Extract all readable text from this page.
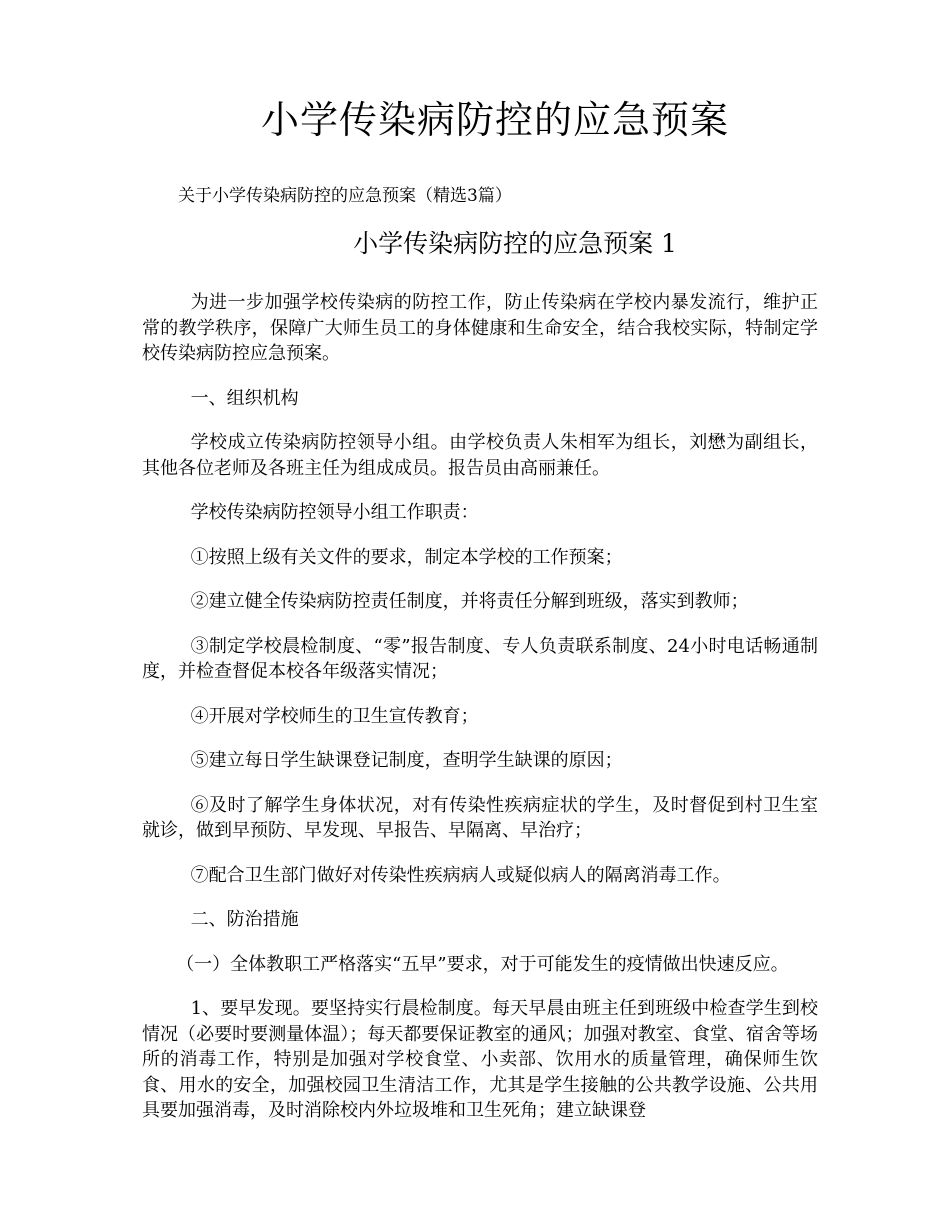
小学传染病防控的应急预案

关于小学传染病防控的应急预案（精选3篇）

小学传染病防控的应急预案 1

为进一步加强学校传染病的防控工作，防止传染病在学校内暴发流行，维护正常的教学秩序，保障广大师生员工的身体健康和生命安全，结合我校实际，特制定学校传染病防控应急预案。

一、组织机构

学校成立传染病防控领导小组。由学校负责人朱相军为组长，刘懋为副组长，其他各位老师及各班主任为组成成员。报告员由高丽兼任。

学校传染病防控领导小组工作职责：

①按照上级有关文件的要求，制定本学校的工作预案；

②建立健全传染病防控责任制度，并将责任分解到班级，落实到教师；

③制定学校晨检制度、“零”报告制度、专人负责联系制度、24小时电话畅通制度，并检查督促本校各年级落实情况；

④开展对学校师生的卫生宣传教育；

⑤建立每日学生缺课登记制度，查明学生缺课的原因；

⑥及时了解学生身体状况，对有传染性疾病症状的学生，及时督促到村卫生室就诊，做到早预防、早发现、早报告、早隔离、早治疗；

⑦配合卫生部门做好对传染性疾病病人或疑似病人的隔离消毒工作。

二、防治措施

（一）全体教职工严格落实“五早”要求，对于可能发生的疫情做出快速反应。

1、要早发现。要坚持实行晨检制度。每天早晨由班主任到班级中检查学生到校情况（必要时要测量体温）；每天都要保证教室的通风；加强对教室、食堂、宿舍等场所的消毒工作，特别是加强对学校食堂、小卖部、饮用水的质量管理，确保师生饮食、用水的安全，加强校园卫生清洁工作，尤其是学生接触的公共教学设施、公共用具要加强消毒，及时消除校内外垃圾堆和卫生死角；建立缺课登
